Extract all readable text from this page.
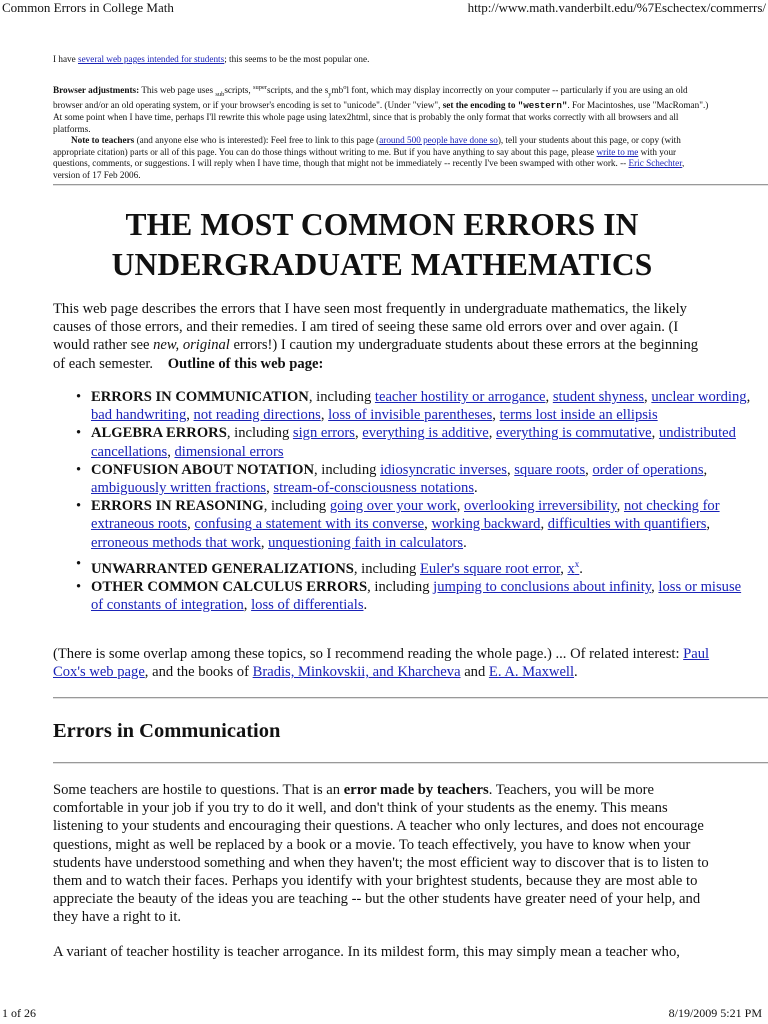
Common Errors in College Math	http://www.math.vanderbilt.edu/%7Eschectex/commerrs/
I have several web pages intended for students; this seems to be the most popular one.

Browser adjustments: This web page uses $_{sub}$scripts, $^{super}$scripts, and the $s_ymb^ol$ font, which may display incorrectly on your computer -- particularly if you are using an old browser and/or an old operating system, or if your browser's encoding is set to "unicode". (Under "view", set the encoding to "western". For Macintoshes, use "MacRoman".) At some point when I have time, perhaps I'll rewrite this whole page using latex2html, since that is probably the only format that works correctly with all browsers and all platforms.

Note to teachers (and anyone else who is interested): Feel free to link to this page (around 500 people have done so), tell your students about this page, or copy (with appropriate citation) parts or all of this page. You can do those things without writing to me. But if you have anything to say about this page, please write to me with your questions, comments, or suggestions. I will reply when I have time, though that might not be immediately -- recently I've been swamped with other work. -- Eric Schechter, version of 17 Feb 2006.

THE MOST COMMON ERRORS IN
UNDERGRADUATE MATHEMATICS

This web page describes the errors that I have seen most frequently in undergraduate mathematics, the likely causes of those errors, and their remedies. I am tired of seeing these same old errors over and over again. (I would rather see new, original errors!) I caution my undergraduate students about these errors at the beginning of each semester. Outline of this web page:

• ERRORS IN COMMUNICATION, including teacher hostility or arrogance, student shyness, unclear wording, bad handwriting, not reading directions, loss of invisible parentheses, terms lost inside an ellipsis
• ALGEBRA ERRORS, including sign errors, everything is additive, everything is commutative, undistributed cancellations, dimensional errors
• CONFUSION ABOUT NOTATION, including idiosyncratic inverses, square roots, order of operations, ambiguously written fractions, stream-of-consciousness notations.
• ERRORS IN REASONING, including going over your work, overlooking irreversibility, not checking for extraneous roots, confusing a statement with its converse, working backward, difficulties with quantifiers, erroneous methods that work, unquestioning faith in calculators.
• UNWARRANTED GENERALIZATIONS, including Euler's square root error, x$^x$.
• OTHER COMMON CALCULUS ERRORS, including jumping to conclusions about infinity, loss or misuse of constants of integration, loss of differentials.

(There is some overlap among these topics, so I recommend reading the whole page.) ... Of related interest: Paul Cox's web page, and the books of Bradis, Minkovskii, and Kharcheva and E. A. Maxwell.

Errors in Communication

Some teachers are hostile to questions. That is an error made by teachers. Teachers, you will be more comfortable in your job if you try to do it well, and don't think of your students as the enemy. This means listening to your students and encouraging their questions. A teacher who only lectures, and does not encourage questions, might as well be replaced by a book or a movie. To teach effectively, you have to know when your students have understood something and when they haven't; the most efficient way to discover that is to listen to them and to watch their faces. Perhaps you identify with your brightest students, because they are most able to appreciate the beauty of the ideas you are teaching -- but the other students have greater need of your help, and they have a right to it.

A variant of teacher hostility is teacher arrogance. In its mildest form, this may simply mean a teacher who,

1 of 26	8/19/2009 5:21 PM
